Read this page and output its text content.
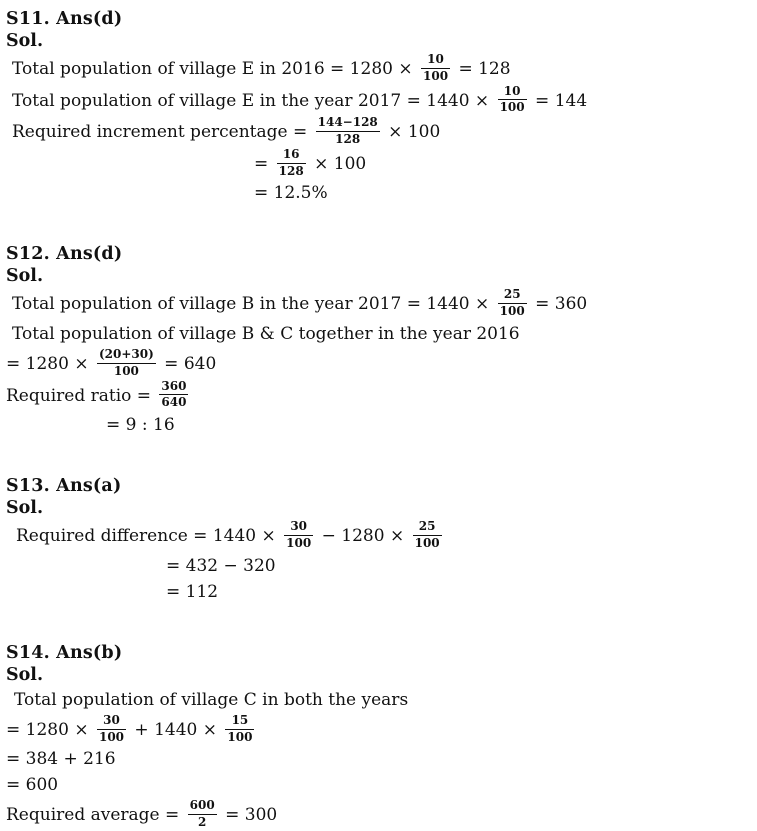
S11. Ans(d)
Sol.
Total population of village E in $2016 = 1280 \times \frac{10}{100} = 128$
Total population of village E in the year $2017 = 1440 \times \frac{10}{100} = 144$
Required increment percentage = $\frac{144-128}{128} \times 100$
= $\frac{16}{128} \times 100$
= 12.5%
S12. Ans(d)
Sol.
Total population of village B in the year $2017 = 1440 \times \frac{25}{100} = 360$
Total population of village B & C together in the year 2016
= $1280 \times \frac{(20+30)}{100} = 640$
Required ratio = $\frac{360}{640}$
= 9 : 16
S13. Ans(a)
Sol.
Required difference = $1440 \times \frac{30}{100} - 1280 \times \frac{25}{100}$
= 432 − 320
= 112
S14. Ans(b)
Sol.
Total population of village C in both the years
= $1280 \times \frac{30}{100} + 1440 \times \frac{15}{100}$
= 384 + 216
= 600
Required average = $\frac{600}{2} = 300$
